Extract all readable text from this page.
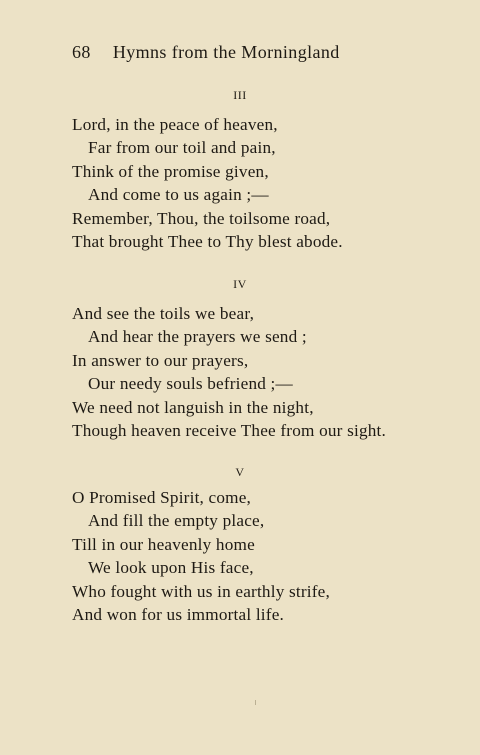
68 Hymns from the Morningland
III
Lord, in the peace of heaven,
Far from our toil and pain,
Think of the promise given,
And come to us again ;—
Remember, Thou, the toilsome road,
That brought Thee to Thy blest abode.
IV
And see the toils we bear,
And hear the prayers we send ;
In answer to our prayers,
Our needy souls befriend ;—
We need not languish in the night,
Though heaven receive Thee from our sight.
V
O Promised Spirit, come,
And fill the empty place,
Till in our heavenly home
We look upon His face,
Who fought with us in earthly strife,
And won for us immortal life.
